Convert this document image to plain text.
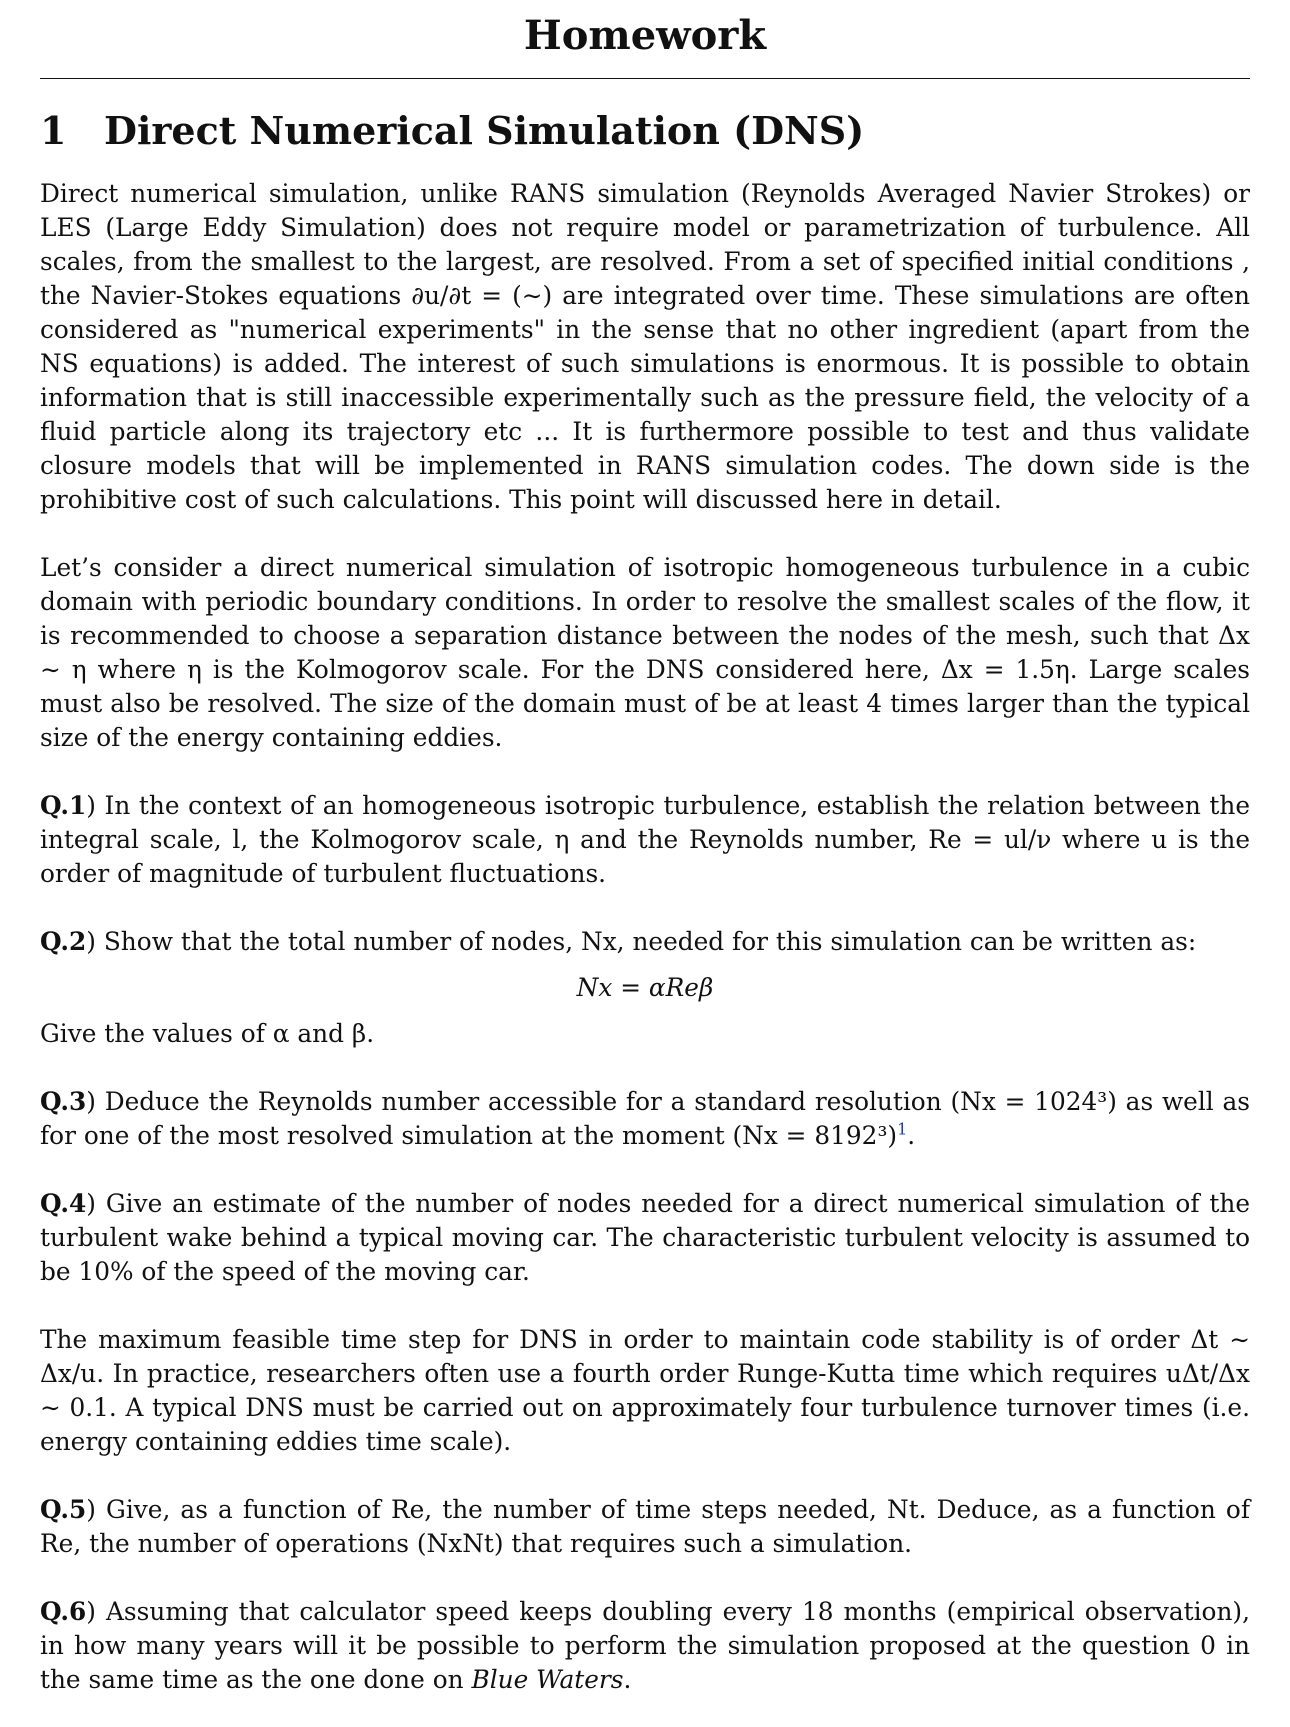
Homework
1 Direct Numerical Simulation (DNS)

Direct numerical simulation, unlike RANS simulation (Reynolds Averaged Navier Strokes) or LES (Large Eddy Simulation) does not require model or parametrization of turbulence. All scales, from the smallest to the largest, are resolved. From a set of specified initial conditions , the Navier-Stokes equations ∂u/∂t = (∼) are integrated over time. These simulations are often considered as "numerical experiments" in the sense that no other ingredient (apart from the NS equations) is added. The interest of such simulations is enormous. It is possible to obtain information that is still inaccessible experimentally such as the pressure field, the velocity of a fluid particle along its trajectory etc ... It is furthermore possible to test and thus validate closure models that will be implemented in RANS simulation codes. The down side is the prohibitive cost of such calculations. This point will discussed here in detail.

Let’s consider a direct numerical simulation of isotropic homogeneous turbulence in a cubic domain with periodic boundary conditions. In order to resolve the smallest scales of the flow, it is recommended to choose a separation distance between the nodes of the mesh, such that Δx ∼ η where η is the Kolmogorov scale. For the DNS considered here, Δx = 1.5η. Large scales must also be resolved. The size of the domain must of be at least 4 times larger than the typical size of the energy containing eddies.

Q.1) In the context of an homogeneous isotropic turbulence, establish the relation between the integral scale, l, the Kolmogorov scale, η and the Reynolds number, Re = ul/ν where u is the order of magnitude of turbulent fluctuations.

Q.2) Show that the total number of nodes, Nx, needed for this simulation can be written as:

Nx = αReβ

Give the values of α and β.

Q.3) Deduce the Reynolds number accessible for a standard resolution (Nx = 1024³) as well as for one of the most resolved simulation at the moment (Nx = 8192³)$^1$.

Q.4) Give an estimate of the number of nodes needed for a direct numerical simulation of the turbulent wake behind a typical moving car. The characteristic turbulent velocity is assumed to be 10% of the speed of the moving car.

The maximum feasible time step for DNS in order to maintain code stability is of order Δt ∼ Δx/u. In practice, researchers often use a fourth order Runge-Kutta time which requires uΔt/Δx ∼ 0.1. A typical DNS must be carried out on approximately four turbulence turnover times (i.e. energy containing eddies time scale).

Q.5) Give, as a function of Re, the number of time steps needed, Nt. Deduce, as a function of Re, the number of operations (NxNt) that requires such a simulation.

Q.6) Assuming that calculator speed keeps doubling every 18 months (empirical observation), in how many years will it be possible to perform the simulation proposed at the question 0 in the same time as the one done on Blue Waters.
